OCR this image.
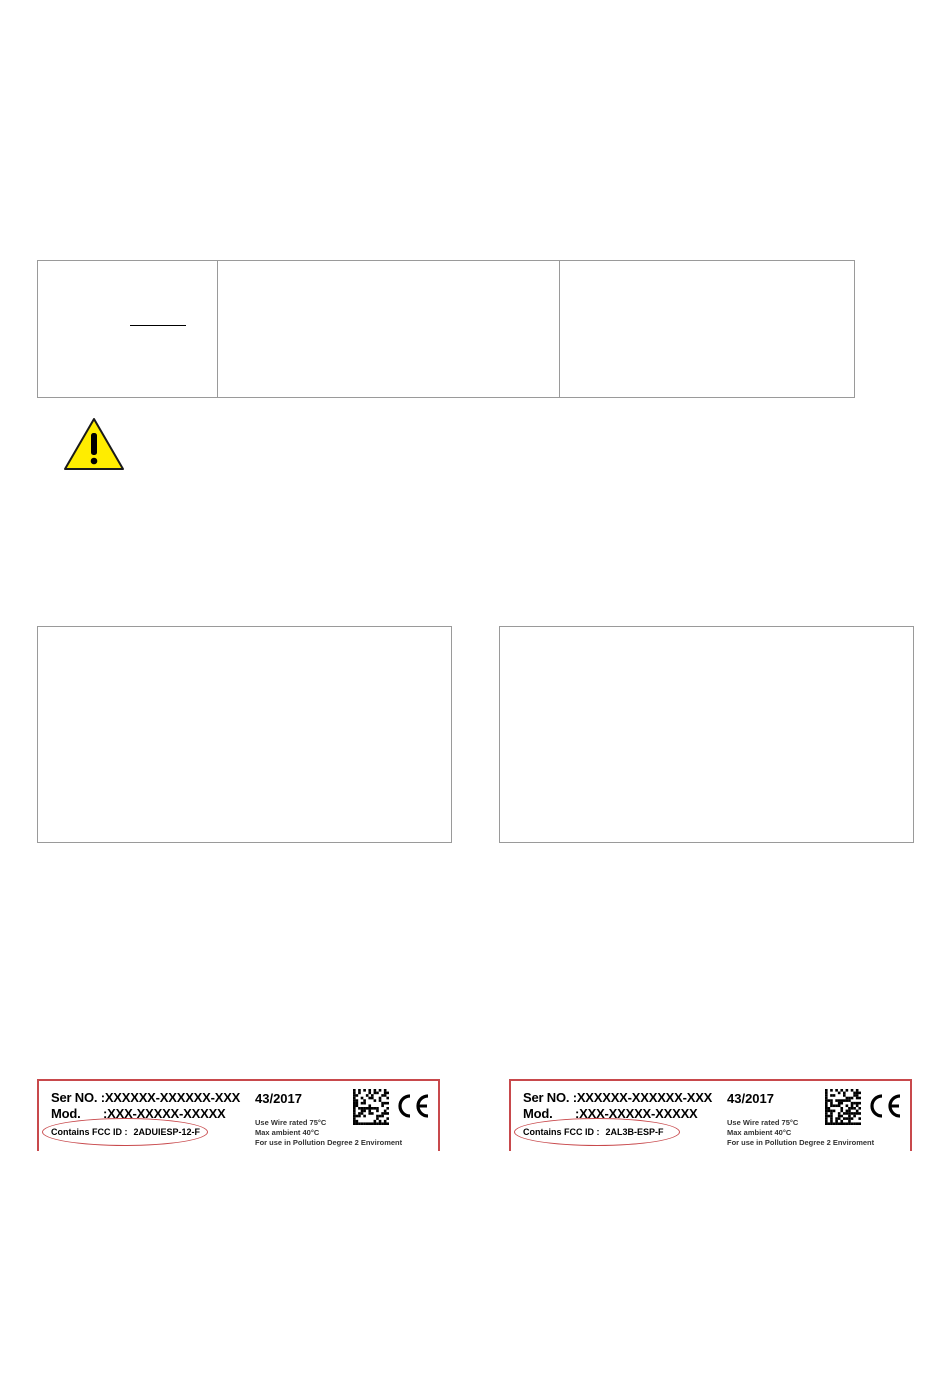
Ser NO. :XXXXXX-XXXXXX-XXX
Mod. :XXX-XXXXX-XXXXX
Contains FCC ID : 2ADUIESP-12-F
43/2017
Use Wire rated 75°C
Max ambient 40°C
For use in Pollution Degree 2 Enviroment
Ser NO. :XXXXXX-XXXXXX-XXX
Mod. :XXX-XXXXX-XXXXX
Contains FCC ID : 2AL3B-ESP-F
43/2017
Use Wire rated 75°C
Max ambient 40°C
For use in Pollution Degree 2 Enviroment
